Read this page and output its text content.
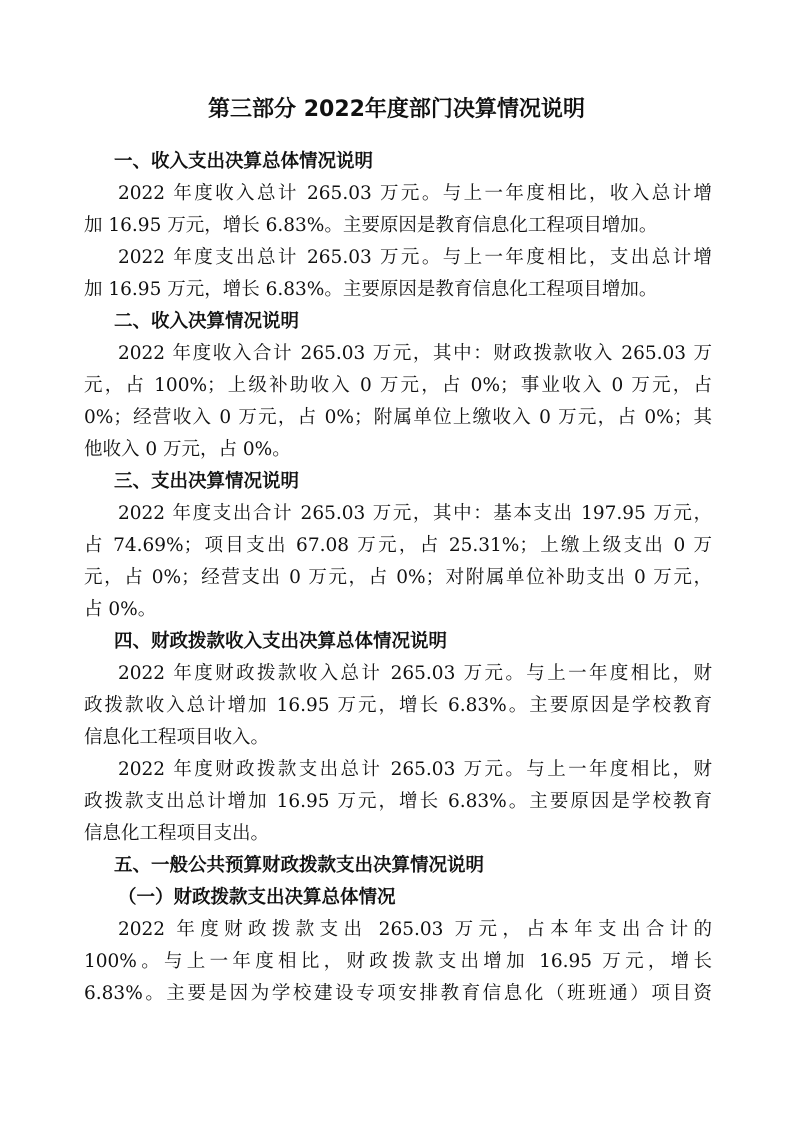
第三部分 2022年度部门决算情况说明
一、收入支出决算总体情况说明
2022 年度收入总计 265.03 万元。与上一年度相比，收入总计增
加 16.95 万元，增长 6.83%。主要原因是教育信息化工程项目增加。
2022 年度支出总计 265.03 万元。与上一年度相比，支出总计增
加 16.95 万元，增长 6.83%。主要原因是教育信息化工程项目增加。
二、收入决算情况说明
2022 年度收入合计 265.03 万元，其中：财政拨款收入 265.03 万
元，占 100%；上级补助收入 0 万元，占 0%；事业收入 0 万元，占
0%；经营收入 0 万元，占 0%；附属单位上缴收入 0 万元，占 0%；其
他收入 0 万元，占 0%。
三、支出决算情况说明
2022 年度支出合计 265.03 万元，其中：基本支出 197.95 万元，
占 74.69%；项目支出 67.08 万元，占 25.31%；上缴上级支出 0 万
元，占 0%；经营支出 0 万元，占 0%；对附属单位补助支出 0 万元，
占 0%。
四、财政拨款收入支出决算总体情况说明
2022 年度财政拨款收入总计 265.03 万元。与上一年度相比，财
政拨款收入总计增加 16.95 万元，增长 6.83%。主要原因是学校教育
信息化工程项目收入。
2022 年度财政拨款支出总计 265.03 万元。与上一年度相比，财
政拨款支出总计增加 16.95 万元，增长 6.83%。主要原因是学校教育
信息化工程项目支出。
五、一般公共预算财政拨款支出决算情况说明
（一）财政拨款支出决算总体情况
2022 年度财政拨款支出 265.03 万元，占本年支出合计的
100%。与上一年度相比，财政拨款支出增加 16.95 万元，增长
6.83%。主要是因为学校建设专项安排教育信息化（班班通）项目资
